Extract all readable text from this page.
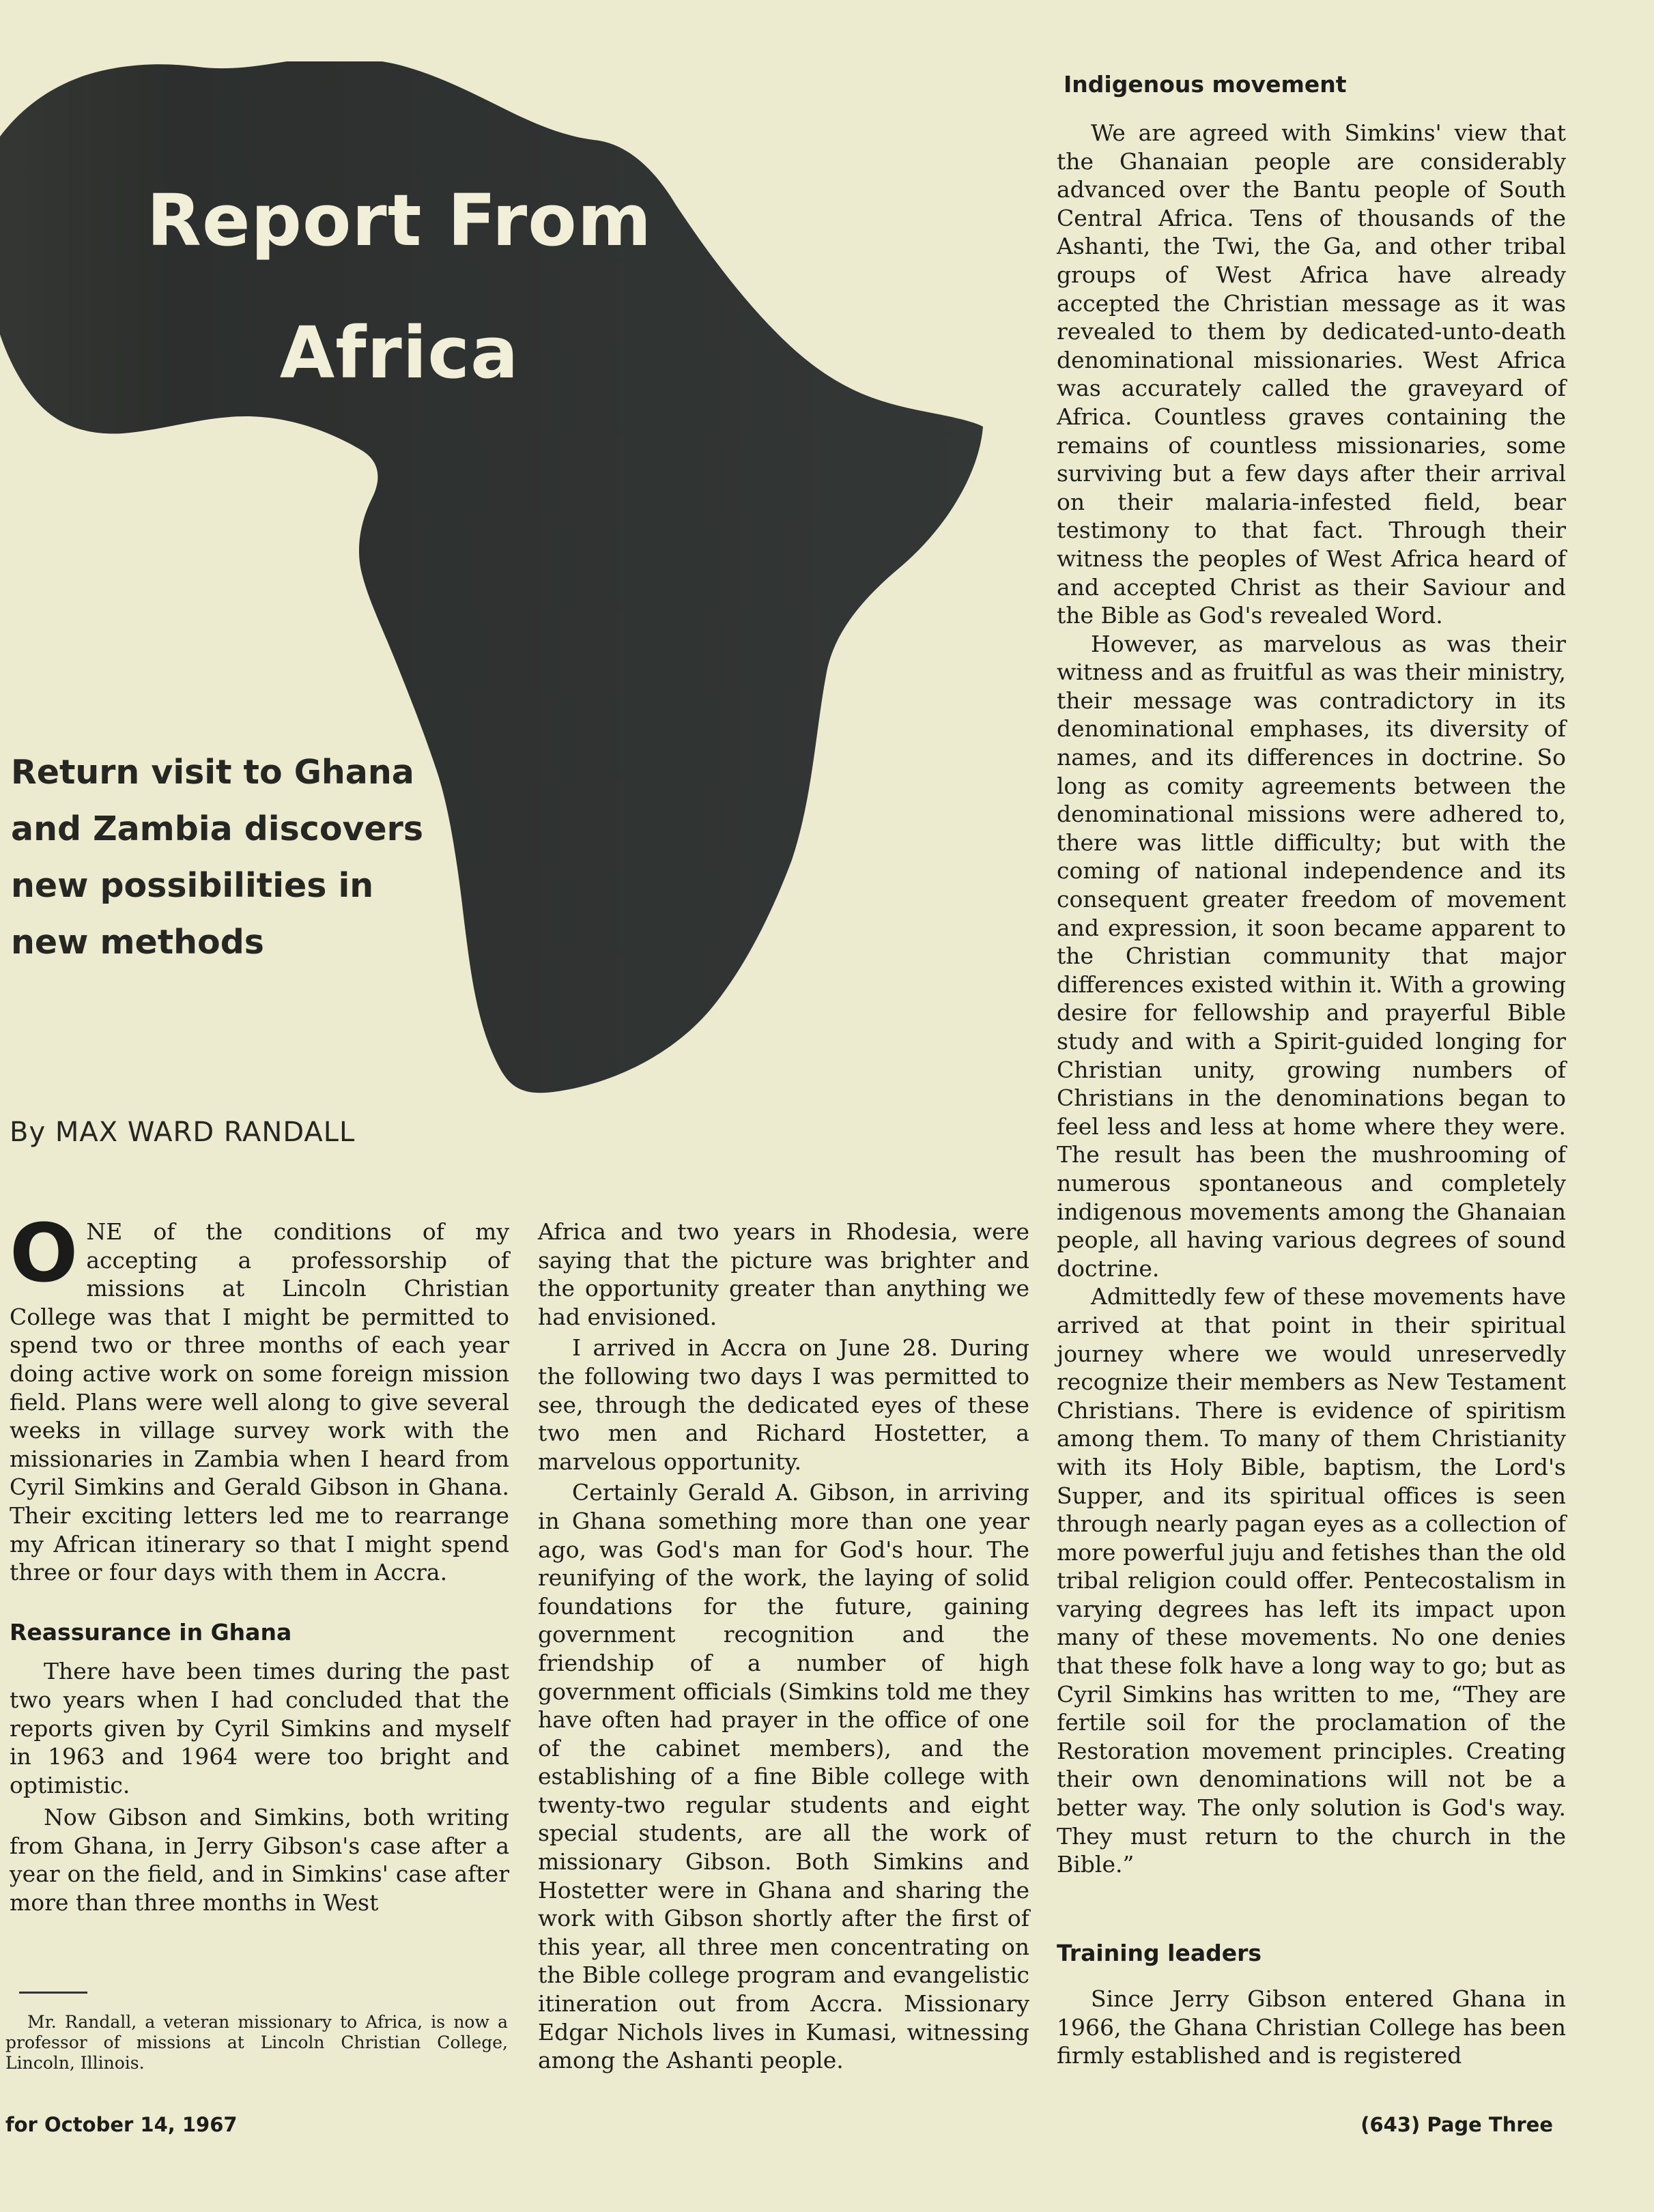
Report From
Africa
Return visit to Ghana
and Zambia discovers
new possibilities in
new methods
By MAX WARD RANDALL

ONE of the conditions of my accepting a professorship of missions at Lincoln Christian College was that I might be permitted to spend two or three months of each year doing active work on some foreign mission field. Plans were well along to give several weeks in village survey work with the missionaries in Zambia when I heard from Cyril Simkins and Gerald Gibson in Ghana. Their exciting letters led me to rearrange my African itinerary so that I might spend three or four days with them in Accra.

Reassurance in Ghana

There have been times during the past two years when I had concluded that the reports given by Cyril Simkins and myself in 1963 and 1964 were too bright and optimistic.

Now Gibson and Simkins, both writing from Ghana, in Jerry Gibson's case after a year on the field, and in Simkins' case after more than three months in West

Mr. Randall, a veteran missionary to Africa, is now a professor of missions at Lincoln Christian College, Lincoln, Illinois.

Africa and two years in Rhodesia, were saying that the picture was brighter and the opportunity greater than anything we had envisioned.

I arrived in Accra on June 28. During the following two days I was permitted to see, through the dedicated eyes of these two men and Richard Hostetter, a marvelous opportunity.

Certainly Gerald A. Gibson, in arriving in Ghana something more than one year ago, was God's man for God's hour. The reunifying of the work, the laying of solid foundations for the future, gaining government recognition and the friendship of a number of high government officials (Simkins told me they have often had prayer in the office of one of the cabinet members), and the establishing of a fine Bible college with twenty-two regular students and eight special students, are all the work of missionary Gibson. Both Simkins and Hostetter were in Ghana and sharing the work with Gibson shortly after the first of this year, all three men concentrating on the Bible college program and evangelistic itineration out from Accra. Missionary Edgar Nichols lives in Kumasi, witnessing among the Ashanti people.

Indigenous movement

We are agreed with Simkins' view that the Ghanaian people are considerably advanced over the Bantu people of South Central Africa. Tens of thousands of the Ashanti, the Twi, the Ga, and other tribal groups of West Africa have already accepted the Christian message as it was revealed to them by dedicated-unto-death denominational missionaries. West Africa was accurately called the graveyard of Africa. Countless graves containing the remains of countless missionaries, some surviving but a few days after their arrival on their malaria-infested field, bear testimony to that fact. Through their witness the peoples of West Africa heard of and accepted Christ as their Saviour and the Bible as God's revealed Word.

However, as marvelous as was their witness and as fruitful as was their ministry, their message was contradictory in its denominational emphases, its diversity of names, and its differences in doctrine. So long as comity agreements between the denominational missions were adhered to, there was little difficulty; but with the coming of national independence and its consequent greater freedom of movement and expression, it soon became apparent to the Christian community that major differences existed within it. With a growing desire for fellowship and prayerful Bible study and with a Spirit-guided longing for Christian unity, growing numbers of Christians in the denominations began to feel less and less at home where they were. The result has been the mushrooming of numerous spontaneous and completely indigenous movements among the Ghanaian people, all having various degrees of sound doctrine.

Admittedly few of these movements have arrived at that point in their spiritual journey where we would unreservedly recognize their members as New Testament Christians. There is evidence of spiritism among them. To many of them Christianity with its Holy Bible, baptism, the Lord's Supper, and its spiritual offices is seen through nearly pagan eyes as a collection of more powerful juju and fetishes than the old tribal religion could offer. Pentecostalism in varying degrees has left its impact upon many of these movements. No one denies that these folk have a long way to go; but as Cyril Simkins has written to me, “They are fertile soil for the proclamation of the Restoration movement principles. Creating their own denominations will not be a better way. The only solution is God's way. They must return to the church in the Bible.”

Training leaders

Since Jerry Gibson entered Ghana in 1966, the Ghana Christian College has been firmly established and is registered

for October 14, 1967	(643) Page Three
